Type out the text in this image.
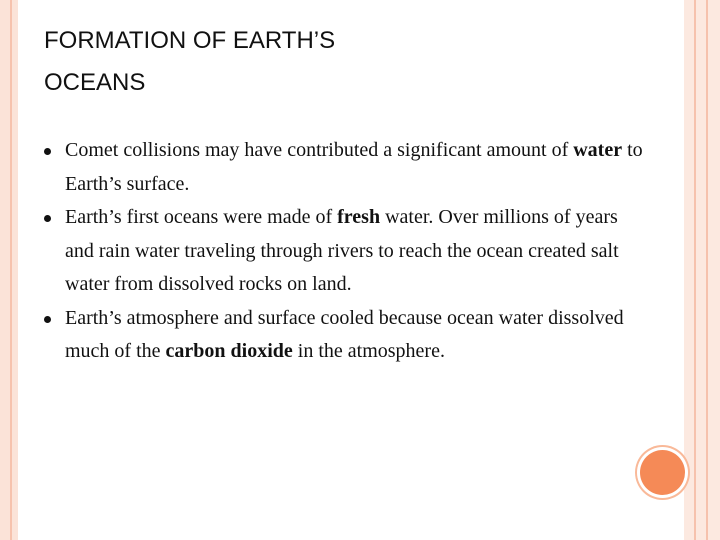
FORMATION OF EARTH’S
OCEANS
Comet collisions may have contributed a significant amount of water to Earth’s surface.
Earth’s first oceans were made of fresh water. Over millions of years and rain water traveling through rivers to reach the ocean created salt water from dissolved rocks on land.
Earth’s atmosphere and surface cooled because ocean water dissolved much of the carbon dioxide in the atmosphere.
